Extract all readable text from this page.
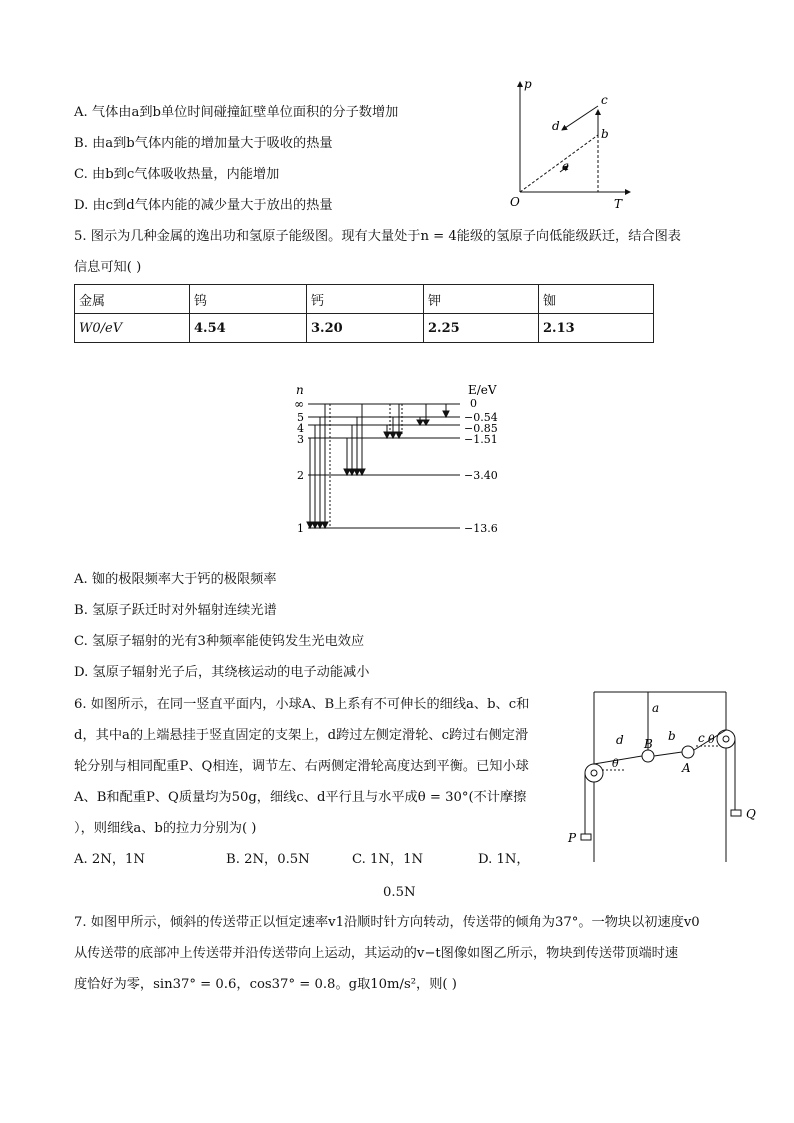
A. 气体由a到b单位时间碰撞缸壁单位面积的分子数增加
B. 由a到b气体内能的增加量大于吸收的热量
C. 由b到c气体吸收热量，内能增加
D. 由c到d气体内能的减少量大于放出的热量
p
T
O
a
b
c
d
5. 图示为几种金属的逸出功和氢原子能级图。现有大量处于n = 4能级的氢原子向低能级跃迁，结合图表
信息可知( )
金属	钨	钙	钾	铷
W0/eV	4.54	3.20	2.25	2.13
n	E/eV
∞
5
4
3
2
1
0
−0.54
−0.85
−1.51
−3.40
−13.6
A. 铷的极限频率大于钙的极限频率
B. 氢原子跃迁时对外辐射连续光谱
C. 氢原子辐射的光有3种频率能使钨发生光电效应
D. 氢原子辐射光子后，其绕核运动的电子动能减小
6. 如图所示，在同一竖直平面内，小球A、B上系有不可伸长的细线a、b、c和
d，其中a的上端悬挂于竖直固定的支架上，d跨过左侧定滑轮、c跨过右侧定滑
轮分别与相同配重P、Q相连，调节左、右两侧定滑轮高度达到平衡。已知小球
A、B和配重P、Q质量均为50g，细线c、d平行且与水平成θ = 30°(不计摩擦
），则细线a、b的拉力分别为( )
A. 2N，1N	B. 2N，0.5N	C. 1N，1N	D. 1N，
0.5N
a
d B
b c
A
θ
θ
P
Q
7. 如图甲所示，倾斜的传送带正以恒定速率v1沿顺时针方向转动，传送带的倾角为37°。一物块以初速度v0
从传送带的底部冲上传送带并沿传送带向上运动，其运动的v−t图像如图乙所示，物块到传送带顶端时速
度恰好为零，sin37° = 0.6，cos37° = 0.8。g取10m/s²，则( )
